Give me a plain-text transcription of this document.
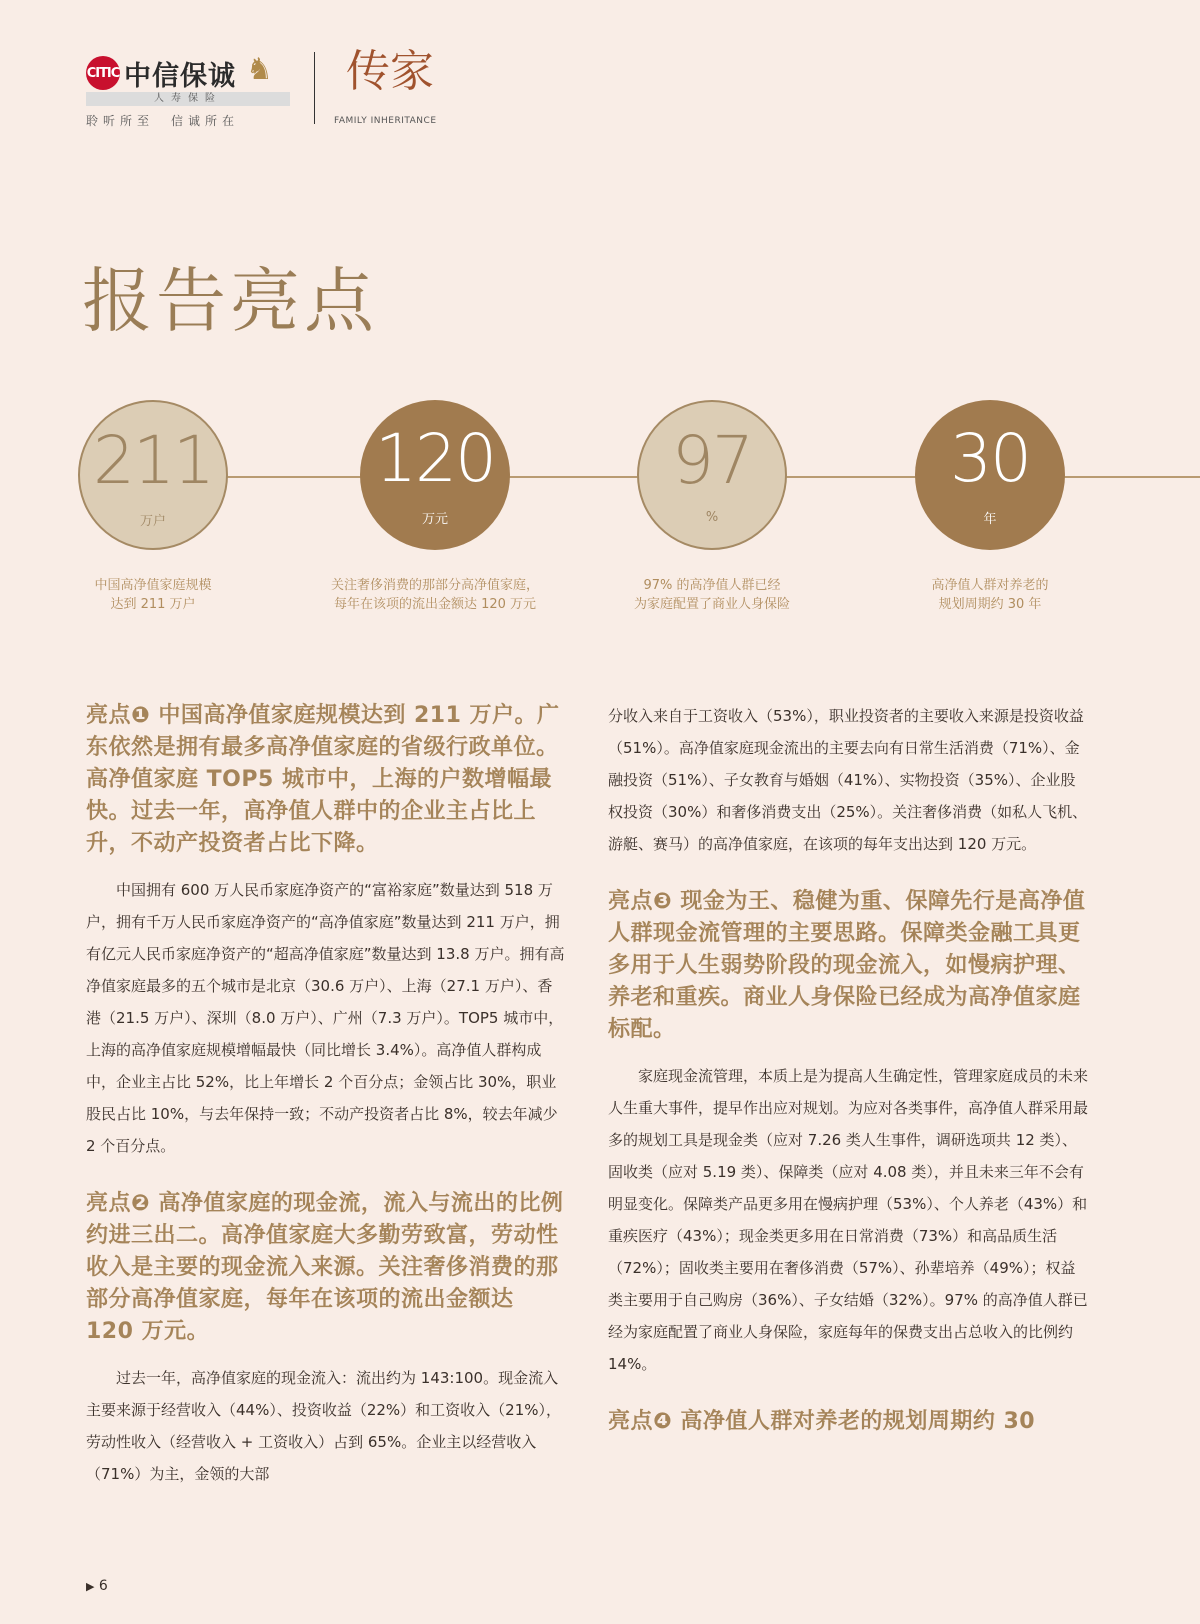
CITIC 中信保诚 ♞
人寿保险
聆听所至　信诚所在
传家
FAMILY INHERITANCE
报告亮点
211
万户
中国高净值家庭规模
达到 211 万户
120
万元
关注奢侈消费的那部分高净值家庭，
每年在该项的流出金额达 120 万元
97
%
97% 的高净值人群已经
为家庭配置了商业人身保险
30
年
高净值人群对养老的
规划周期约 30 年
亮点❶ 中国高净值家庭规模达到 211 万户。广东依然是拥有最多高净值家庭的省级行政单位。高净值家庭 TOP5 城市中，上海的户数增幅最快。过去一年，高净值人群中的企业主占比上升，不动产投资者占比下降。

中国拥有 600 万人民币家庭净资产的“富裕家庭”数量达到 518 万户，拥有千万人民币家庭净资产的“高净值家庭”数量达到 211 万户，拥有亿元人民币家庭净资产的“超高净值家庭”数量达到 13.8 万户。拥有高净值家庭最多的五个城市是北京（30.6 万户）、上海（27.1 万户）、香港（21.5 万户）、深圳（8.0 万户）、广州（7.3 万户）。TOP5 城市中，上海的高净值家庭规模增幅最快（同比增长 3.4%）。高净值人群构成中，企业主占比 52%，比上年增长 2 个百分点；金领占比 30%，职业股民占比 10%，与去年保持一致；不动产投资者占比 8%，较去年减少 2 个百分点。

亮点❷ 高净值家庭的现金流，流入与流出的比例约进三出二。高净值家庭大多勤劳致富，劳动性收入是主要的现金流入来源。关注奢侈消费的那部分高净值家庭，每年在该项的流出金额达 120 万元。

过去一年，高净值家庭的现金流入：流出约为 143:100。现金流入主要来源于经营收入（44%）、投资收益（22%）和工资收入（21%），劳动性收入（经营收入 + 工资收入）占到 65%。企业主以经营收入（71%）为主，金领的大部

分收入来自于工资收入（53%），职业投资者的主要收入来源是投资收益（51%）。高净值家庭现金流出的主要去向有日常生活消费（71%）、金融投资（51%）、子女教育与婚姻（41%）、实物投资（35%）、企业股权投资（30%）和奢侈消费支出（25%）。关注奢侈消费（如私人飞机、游艇、赛马）的高净值家庭，在该项的每年支出达到 120 万元。

亮点❸ 现金为王、稳健为重、保障先行是高净值人群现金流管理的主要思路。保障类金融工具更多用于人生弱势阶段的现金流入，如慢病护理、养老和重疾。商业人身保险已经成为高净值家庭标配。

家庭现金流管理，本质上是为提高人生确定性，管理家庭成员的未来人生重大事件，提早作出应对规划。为应对各类事件，高净值人群采用最多的规划工具是现金类（应对 7.26 类人生事件，调研选项共 12 类）、固收类（应对 5.19 类）、保障类（应对 4.08 类），并且未来三年不会有明显变化。保障类产品更多用在慢病护理（53%）、个人养老（43%）和重疾医疗（43%）；现金类更多用在日常消费（73%）和高品质生活（72%）；固收类主要用在奢侈消费（57%）、孙辈培养（49%）；权益类主要用于自己购房（36%）、子女结婚（32%）。97% 的高净值人群已经为家庭配置了商业人身保险，家庭每年的保费支出占总收入的比例约 14%。

亮点❹ 高净值人群对养老的规划周期约 30
▶ 6
